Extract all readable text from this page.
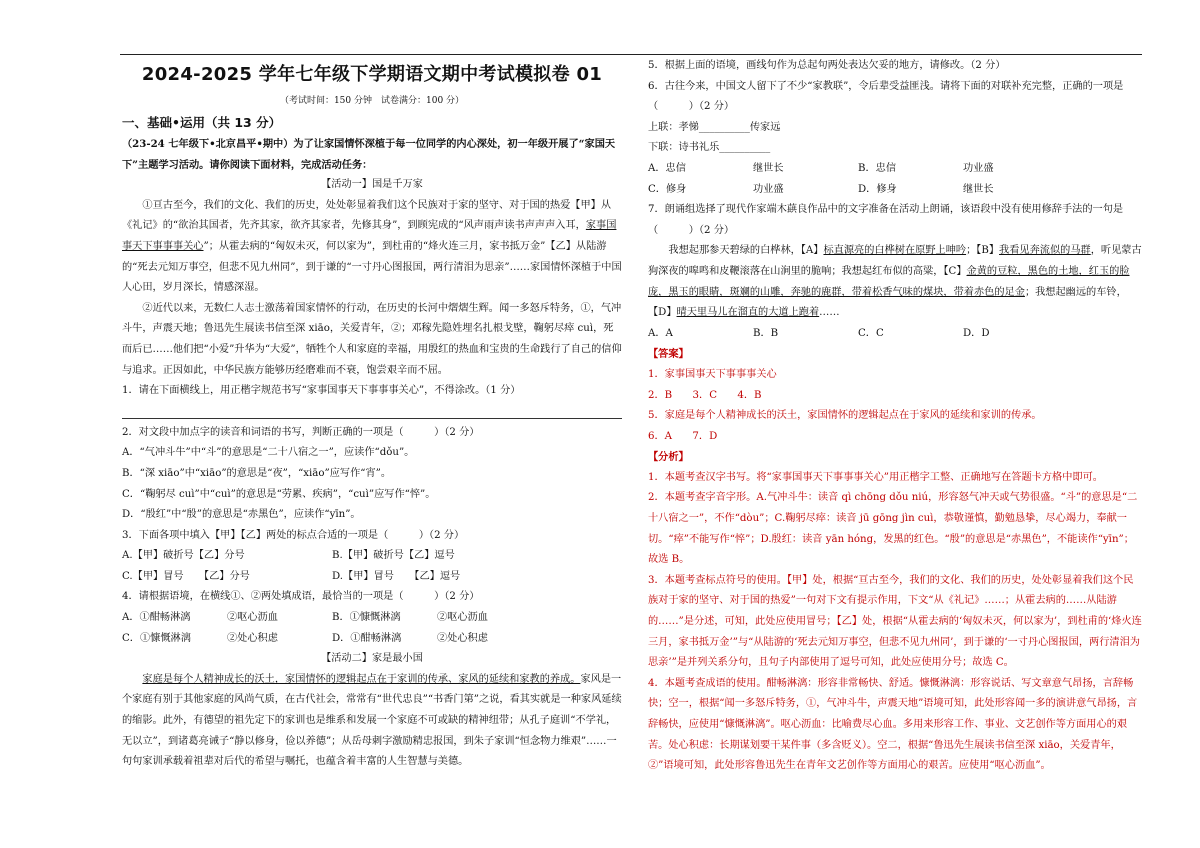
2024-2025 学年七年级下学期语文期中考试模拟卷 01
（考试时间：150 分钟　试卷满分：100 分）
一、基础•运用（共 13 分）

（23-24 七年级下•北京昌平•期中）为了让家国情怀深植于每一位同学的内心深处，初一年级开展了“家国天下”主题学习活动。请你阅读下面材料，完成活动任务：

【活动一】国是千万家

①亘古至今，我们的文化、我们的历史，处处彰显着我们这个民族对于家的坚守、对于国的热爱【甲】从《礼记》的“欲治其国者，先齐其家，欲齐其家者，先修其身”，到顾宪成的“风声雨声读书声声声入耳，家事国事天下事事事关心”；从霍去病的“匈奴未灭，何以家为”，到杜甫的“烽火连三月，家书抵万金”【乙】从陆游的“死去元知万事空，但悲不见九州同”，到于谦的“一寸丹心图报国，两行清泪为思亲”……家国情怀深植于中国人心田，岁月深长，情感深湿。

②近代以来，无数仁人志士激荡着国家情怀的行动，在历史的长河中熠熠生辉。闻一多怒斥特务，①，气冲斗牛，声震天地；鲁迅先生展读书信至深 xiāo，关爱青年，②；邓稼先隐姓埋名扎根戈壁，鞠躬尽瘁 cuì，死而后已……他们把“小爱”升华为“大爱”，牺牲个人和家庭的幸福，用殷红的热血和宝贵的生命践行了自己的信仰与追求。正因如此，中华民族方能够历经磨难而不衰，饱尝艰辛而不屈。

1．请在下面横线上，用正楷字规范书写“家事国事天下事事事关心”，不得涂改。（1 分）

2．对文段中加点字的读音和词语的书写，判断正确的一项是（　　　）（2 分）

A．“气冲斗牛”中“斗”的意思是“二十八宿之一”，应读作“dǒu”。

B．“深 xiāo”中“xiāo”的意思是“夜”，“xiāo”应写作“宵”。

C．“鞠躬尽 cuì”中“cuì”的意思是“劳累、疾病”，“cuì”应写作“悴”。

D．“殷红”中“殷”的意思是“赤黑色”，应读作“yīn”。

3．下面各项中填入【甲】【乙】两处的标点合适的一项是（　　　）（2 分）

A.【甲】破折号【乙】分号	B.【甲】破折号【乙】逗号
C.【甲】冒号　　【乙】分号	D.【甲】冒号　　【乙】逗号

4．请根据语境，在横线①、②两处填成语，最恰当的一项是（　　　）（2 分）

A．①酣畅淋漓	②呕心沥血	B．①慷慨淋漓	②呕心沥血
C．①慷慨淋漓	②处心积虑	D．①酣畅淋漓	②处心积虑

【活动二】家是最小国

家庭是每个人精神成长的沃土，家国情怀的逻辑起点在于家训的传承、家风的延续和家教的养成。家风是一个家庭有别于其他家庭的风尚气质，在古代社会，常常有“世代忠良”“书香门第”之说，看其实就是一种家风延续的缩影。此外，有德望的祖先定下的家训也是维系和发展一个家庭不可或缺的精神纽带；从孔子庭训“不学礼，无以立”，到诸葛亮诫子“静以修身，俭以养德”；从岳母刺字激励精忠报国，到朱子家训“恒念物力维艰”……一句句家训承载着祖辈对后代的希望与嘱托，也蕴含着丰富的人生智慧与美德。

5．根据上面的语境，画线句作为总起句两处表达欠妥的地方，请修改。（2 分）

6．古往今来，中国文人留下了不少“家教联”，令后辈受益匪浅。请将下面的对联补充完整，正确的一项是（　　　）（2 分）

上联：孝悌__________传家远

下联：诗书礼乐__________

A．忠信	继世长	B．忠信	功业盛
C．修身	功业盛	D．修身	继世长

7．朗诵组选择了现代作家端木蕻良作品中的文字准备在活动上朗诵，该语段中没有使用修辞手法的一句是（　　　）（2 分）

我想起那参天碧绿的白桦林，【A】标直源亮的白桦树在原野上呻吟；【B】我看见奔流似的马群，听见蒙古狗深夜的嗥鸣和皮鞭滚落在山涧里的脆响；我想起红布似的高粱，【C】金黄的豆粒，黑色的土地，红玉的脸庞，黑玉的眼睛，斑斓的山雕，奔驰的鹿群，带着松香气味的煤块，带着赤色的足金；我想起幽远的车铃，【D】晴天里马儿在溜直的大道上跑着……

A．A	B．B	C．C	D．D

【答案】

1．家事国事天下事事事关心

2．B　　3．C　　4．B

5．家庭是每个人精神成长的沃土，家国情怀的逻辑起点在于家风的延续和家训的传承。

6．A　　7．D

【分析】

1．本题考查汉字书写。将“家事国事天下事事事关心”用正楷字工整、正确地写在答题卡方格中即可。

2．本题考查字音字形。A.气冲斗牛：读音 qì chōng dǒu niú，形容怒气冲天或气势很盛。“斗”的意思是“二十八宿之一”，不作“dòu”；C.鞠躬尽瘁：读音 jū gōng jìn cuì，恭敬谨慎，勤勉恳挚，尽心竭力，奉献一切。“瘁”不能写作“悴”；D.殷红：读音 yān hóng，发黑的红色。“殷”的意思是“赤黑色”，不能读作“yīn”；故选 B。

3．本题考查标点符号的使用。【甲】处，根据“亘古至今，我们的文化、我们的历史，处处彰显着我们这个民族对于家的坚守、对于国的热爱”一句对下文有提示作用，下文“从《礼记》……；从霍去病的……从陆游的……”是分述，可知，此处应使用冒号；【乙】处，根据“从霍去病的‘匈奴未灭，何以家为’，到杜甫的‘烽火连三月，家书抵万金’”与“从陆游的‘死去元知万事空，但悲不见九州同’，到于谦的‘一寸丹心图报国，两行清泪为思亲’”是并列关系分句，且句子内部使用了逗号可知，此处应使用分号；故选 C。

4．本题考查成语的使用。酣畅淋漓：形容非常畅快、舒适。慷慨淋漓：形容说话、写文章意气昂扬，言辞畅快；空一，根据“闻一多怒斥特务，①，气冲斗牛，声震天地”语境可知，此处形容闻一多的演讲意气昂扬，言辞畅快，应使用“慷慨淋漓”。呕心沥血：比喻费尽心血。多用来形容工作、事业、文艺创作等方面用心的艰苦。处心积虑：长期谋划要干某件事（多含贬义）。空二，根据“鲁迅先生展读书信至深 xiāo，关爱青年，②”语境可知，此处形容鲁迅先生在青年文艺创作等方面用心的艰苦。应使用“呕心沥血”。
